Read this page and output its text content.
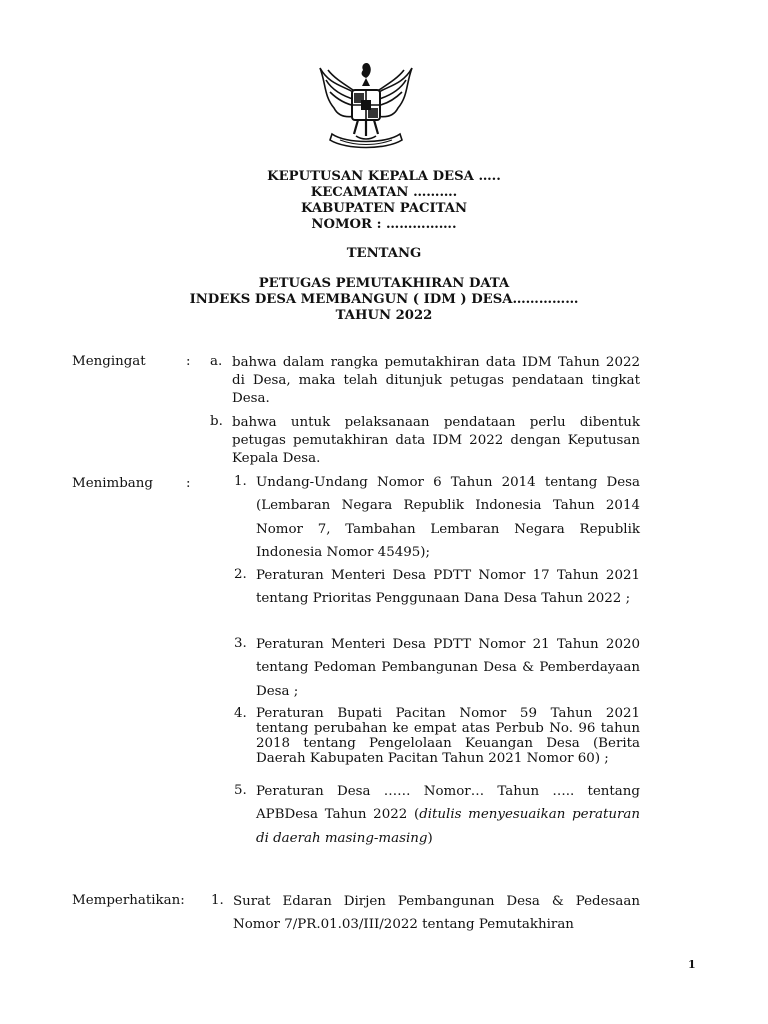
KEPUTUSAN KEPALA DESA …..
KECAMATAN ……….
KABUPATEN PACITAN
NOMOR : …………….
TENTANG
PETUGAS PEMUTAKHIRAN DATA
INDEKS DESA MEMBANGUN ( IDM ) DESA……………
TAHUN 2022
Mengingat	: a. bahwa dalam rangka pemutakhiran data IDM Tahun 2022 di Desa, maka telah ditunjuk petugas pendataan tingkat Desa.
b. bahwa untuk pelaksanaan pendataan perlu dibentuk petugas pemutakhiran data IDM 2022 dengan Keputusan Kepala Desa.
Menimbang :	1. Undang-Undang Nomor 6 Tahun 2014 tentang Desa (Lembaran Negara Republik Indonesia Tahun 2014 Nomor 7, Tambahan Lembaran Negara Republik Indonesia Nomor 45495);
2. Peraturan Menteri Desa PDTT Nomor 17 Tahun 2021 tentang Prioritas Penggunaan Dana Desa Tahun 2022 ;
3. Peraturan Menteri Desa PDTT Nomor 21 Tahun 2020 tentang Pedoman Pembangunan Desa & Pemberdayaan Desa ;
4. Peraturan Bupati Pacitan Nomor 59 Tahun 2021 tentang perubahan ke empat atas Perbub No. 96 tahun 2018 tentang Pengelolaan Keuangan Desa (Berita Daerah Kabupaten Pacitan Tahun 2021 Nomor 60) ;
5. Peraturan Desa …… Nomor… Tahun ….. tentang APBDesa Tahun 2022 (ditulis menyesuaikan peraturan di daerah masing-masing)
Memperhatikan: 1. Surat Edaran Dirjen Pembangunan Desa & Pedesaan Nomor 7/PR.01.03/III/2022 tentang Pemutakhiran
1
